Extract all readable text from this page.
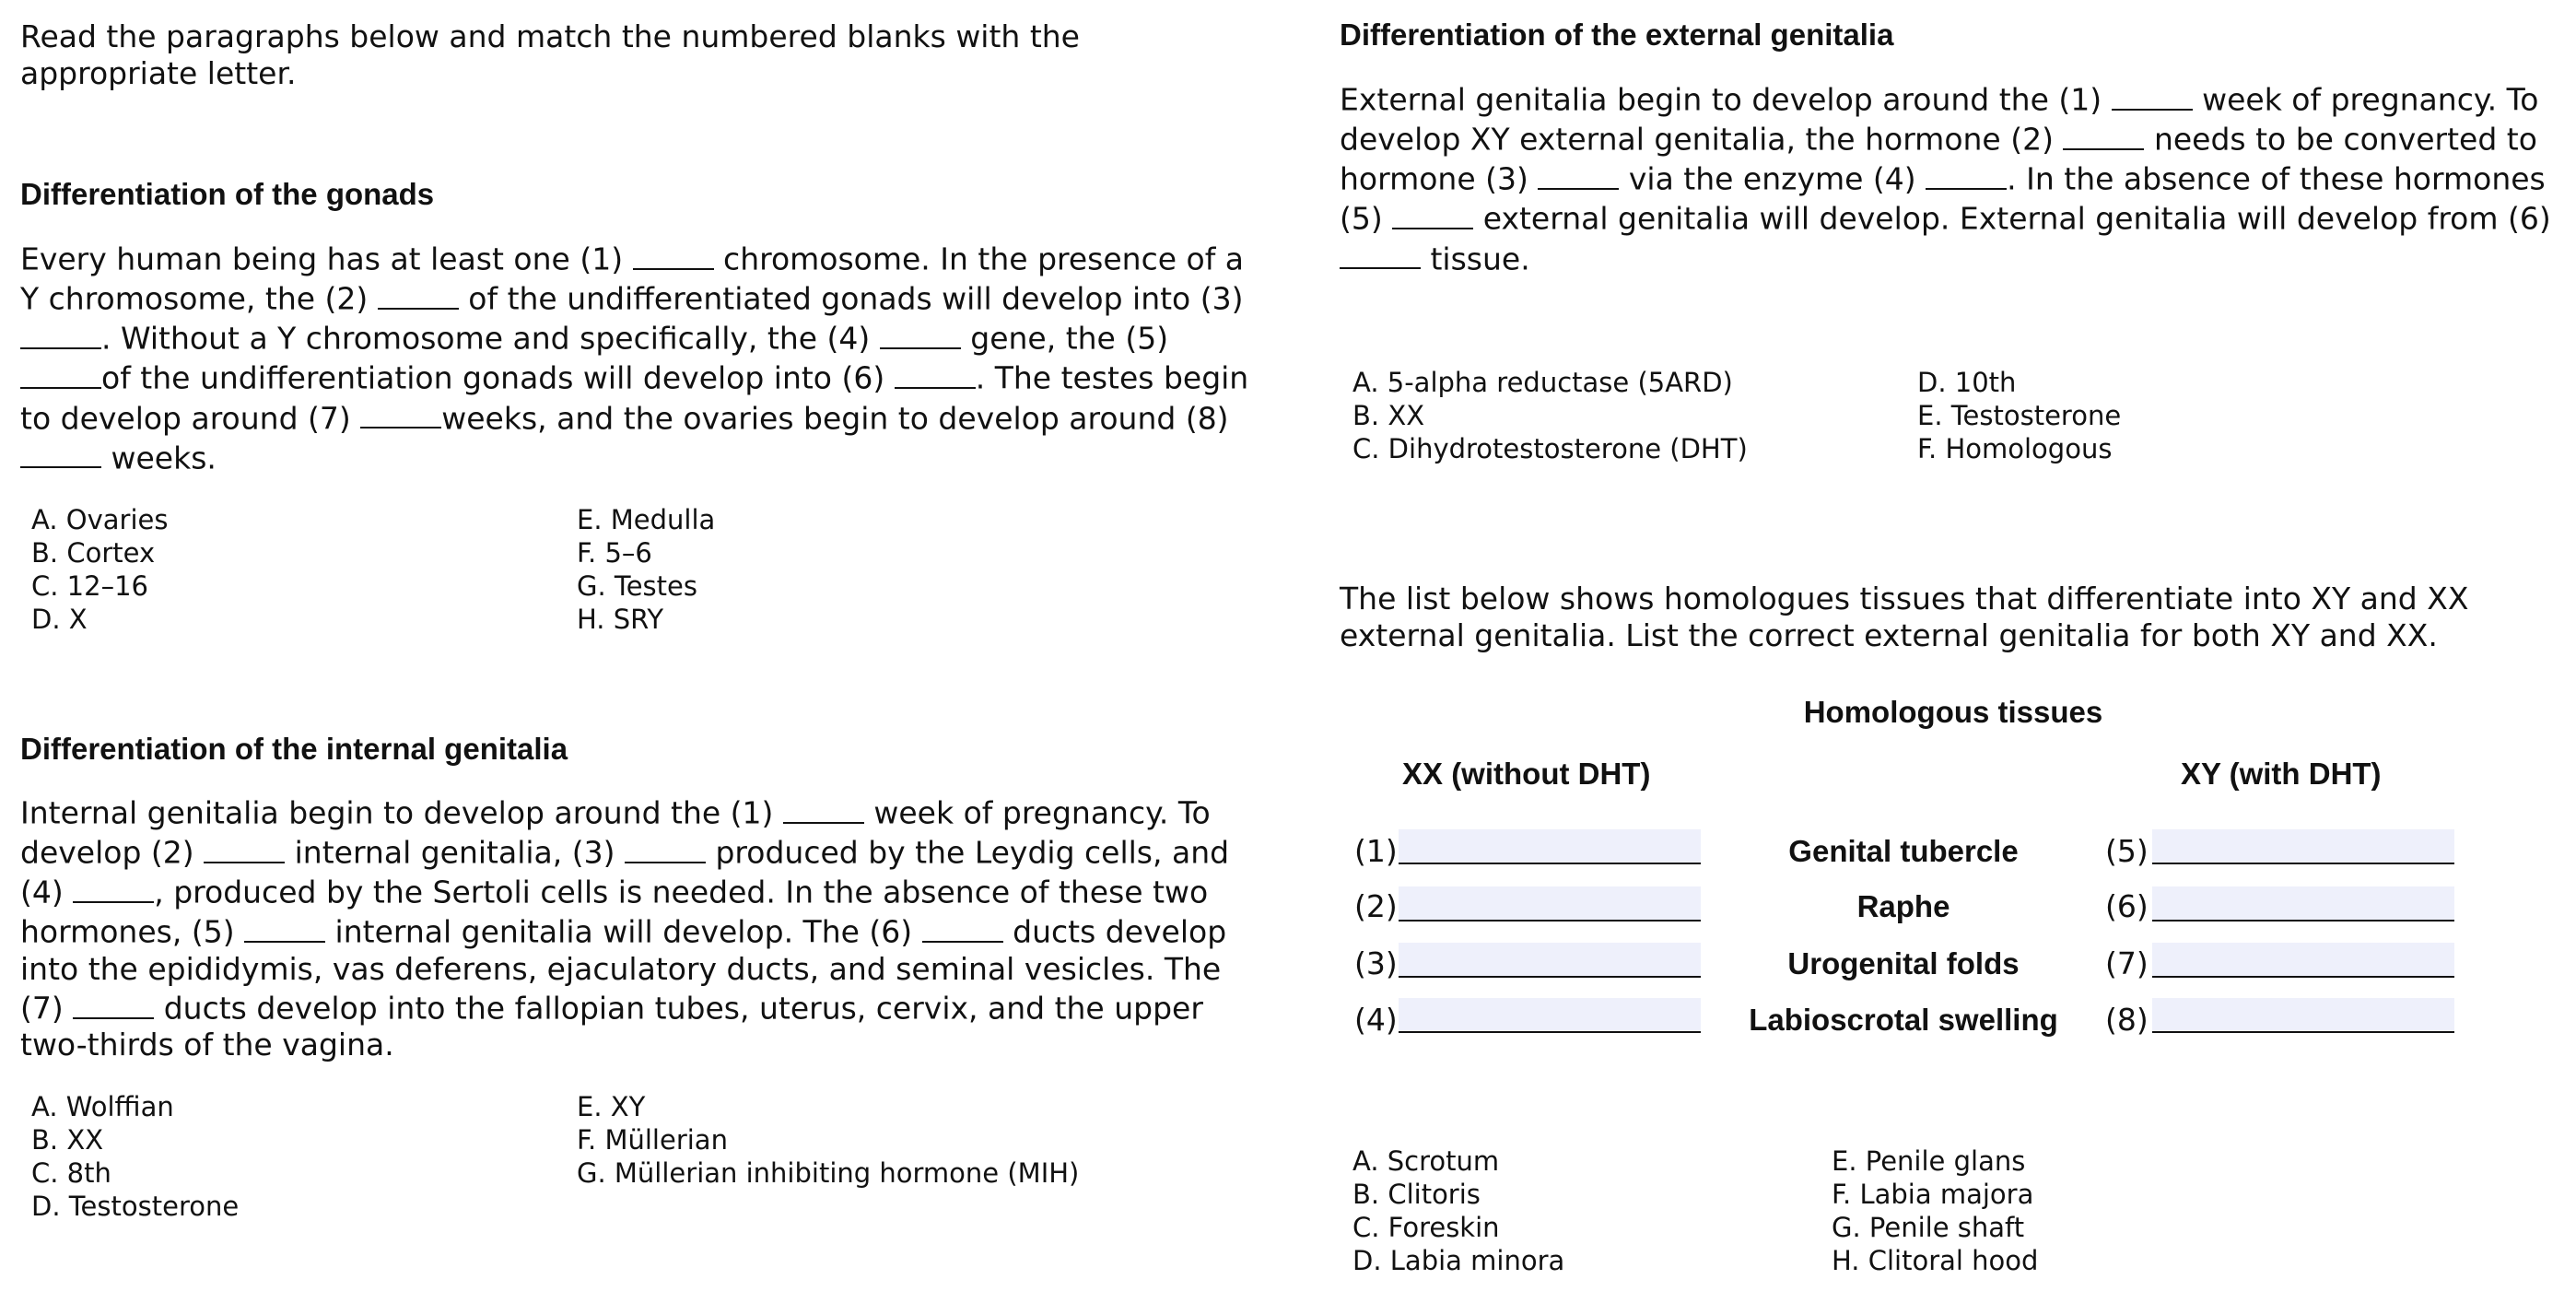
Read the paragraphs below and match the numbered blanks with the
appropriate letter.
Differentiation of the gonads
Every human being has at least one (1)	chromosome. In the presence of a
Y chromosome, the (2)	of the undifferentiated gonads will develop into (3)
. Without a Y chromosome and specifically, the (4)	gene, the (5)
of the undifferentiation gonads will develop into (6)	. The testes begin
to develop around (7)	weeks, and the ovaries begin to develop around (8)
weeks.
A. Ovaries
B. Cortex
C. 12–16
D. X
E. Medulla
F. 5–6
G. Testes
H. SRY
Differentiation of the internal genitalia
Internal genitalia begin to develop around the (1)	week of pregnancy. To
develop (2)	internal genitalia, (3)	produced by the Leydig cells, and
(4)	, produced by the Sertoli cells is needed. In the absence of these two
hormones, (5)	internal genitalia will develop. The (6)	ducts develop
into the epididymis, vas deferens, ejaculatory ducts, and seminal vesicles. The
(7)	ducts develop into the fallopian tubes, uterus, cervix, and the upper
two-thirds of the vagina.
A. Wolffian
B. XX
C. 8th
D. Testosterone
E. XY
F. Müllerian
G. Müllerian inhibiting hormone (MIH)
Differentiation of the external genitalia
External genitalia begin to develop around the (1)	week of pregnancy. To
develop XY external genitalia, the hormone (2)	needs to be converted to
hormone (3)	via the enzyme (4)	. In the absence of these hormones
(5)	external genitalia will develop. External genitalia will develop from (6)
tissue.
A. 5-alpha reductase (5ARD)
B. XX
C. Dihydrotestosterone (DHT)
D. 10th
E. Testosterone
F. Homologous
The list below shows homologues tissues that differentiate into XY and XX
external genitalia. List the correct external genitalia for both XY and XX.
Homologous tissues
XX (without DHT)	XY (with DHT)
(1)	Genital tubercle	(5)
(2)	Raphe	(6)
(3)	Urogenital folds	(7)
(4)	Labioscrotal swelling	(8)
A. Scrotum
B. Clitoris
C. Foreskin
D. Labia minora
E. Penile glans
F. Labia majora
G. Penile shaft
H. Clitoral hood
